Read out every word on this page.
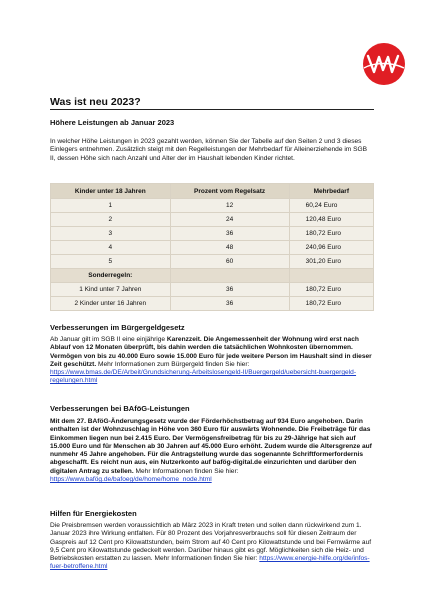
Was ist neu 2023?
Höhere Leistungen ab Januar 2023

In welcher Höhe Leistungen in 2023 gezahlt werden, können Sie der Tabelle auf den Seiten 2 und 3 dieses Einlegers entnehmen. Zusätzlich steigt mit den Regelleistungen der Mehrbedarf für Alleinerziehende im SGB II, dessen Höhe sich nach Anzahl und Alter der im Haushalt lebenden Kinder richtet.

Kinder unter 18 Jahren	Prozent vom Regelsatz	Mehrbedarf
1	12	60,24 Euro
2	24	120,48 Euro
3	36	180,72 Euro
4	48	240,96 Euro
5	60	301,20 Euro
Sonderregeln:		
1 Kind unter 7 Jahren	36	180,72 Euro
2 Kinder unter 16 Jahren	36	180,72 Euro
Verbesserungen im Bürgergeldgesetz

Ab Januar gilt im SGB II eine einjährige Karenzzeit. Die Angemessenheit der Wohnung wird erst nach Ablauf von 12 Monaten überprüft, bis dahin werden die tatsächlichen Wohnkosten übernommen. Vermögen von bis zu 40.000 Euro sowie 15.000 Euro für jede weitere Person im Haushalt sind in dieser Zeit geschützt. Mehr Informationen zum Bürgergeld finden Sie hier: https://www.bmas.de/DE/Arbeit/Grundsicherung-Arbeitslosengeld-II/Buergergeld/uebersicht-buergergeld-regelungen.html

Verbesserungen bei BAföG-Leistungen

Mit dem 27. BAföG-Änderungsgesetz wurde der Förderhöchstbetrag auf 934 Euro angehoben. Darin enthalten ist der Wohnzuschlag in Höhe von 360 Euro für auswärts Wohnende. Die Freibeträge für das Einkommen liegen nun bei 2.415 Euro. Der Vermögensfreibetrag für bis zu 29-Jährige hat sich auf 15.000 Euro und für Menschen ab 30 Jahren auf 45.000 Euro erhöht. Zudem wurde die Altersgrenze auf nunmehr 45 Jahre angehoben. Für die Antragstellung wurde das sogenannte Schriftformerfordernis abgeschafft. Es reicht nun aus, ein Nutzerkonto auf bafög-digital.de einzurichten und darüber den digitalen Antrag zu stellen. Mehr Informationen finden Sie hier: https://www.bafög.de/bafoeg/de/home/home_node.html

Hilfen für Energiekosten

Die Preisbremsen werden voraussichtlich ab März 2023 in Kraft treten und sollen dann rückwirkend zum 1. Januar 2023 ihre Wirkung entfalten. Für 80 Prozent des Vorjahresverbrauchs soll für diesen Zeitraum der Gaspreis auf 12 Cent pro Kilowattstunden, beim Strom auf 40 Cent pro Kilowattstunde und bei Fernwärme auf 9,5 Cent pro Kilowattstunde gedeckelt werden. Darüber hinaus gibt es ggf. Möglichkeiten sich die Heiz- und Betriebskosten erstatten zu lassen. Mehr Informationen finden Sie hier: https://www.energie-hilfe.org/de/infos-fuer-betroffene.html
